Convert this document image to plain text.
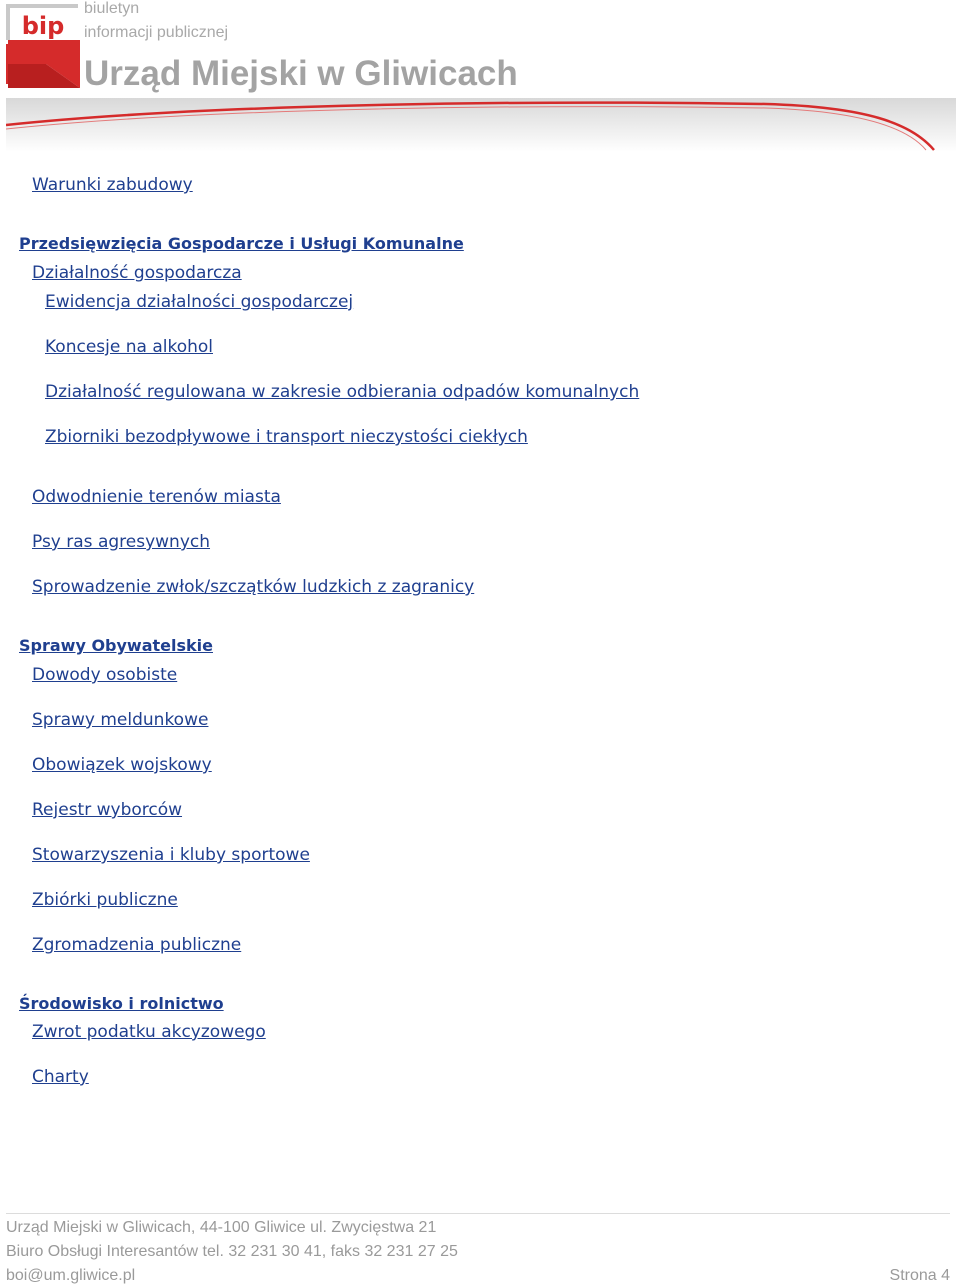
bip
biuletyn
informacji publicznej
Urząd Miejski w Gliwicach
Warunki zabudowy
Przedsięwzięcia Gospodarcze i Usługi Komunalne
Działalność gospodarcza
Ewidencja działalności gospodarczej
Koncesje na alkohol
Działalność regulowana w zakresie odbierania odpadów komunalnych
Zbiorniki bezodpływowe i transport nieczystości ciekłych
Odwodnienie terenów miasta
Psy ras agresywnych
Sprowadzenie zwłok/szczątków ludzkich z zagranicy
Sprawy Obywatelskie
Dowody osobiste
Sprawy meldunkowe
Obowiązek wojskowy
Rejestr wyborców
Stowarzyszenia i kluby sportowe
Zbiórki publiczne
Zgromadzenia publiczne
Środowisko i rolnictwo
Zwrot podatku akcyzowego
Charty
Urząd Miejski w Gliwicach, 44-100 Gliwice ul. Zwycięstwa 21
Biuro Obsługi Interesantów tel. 32 231 30 41, faks 32 231 27 25
boi@um.gliwice.pl	Strona 4
